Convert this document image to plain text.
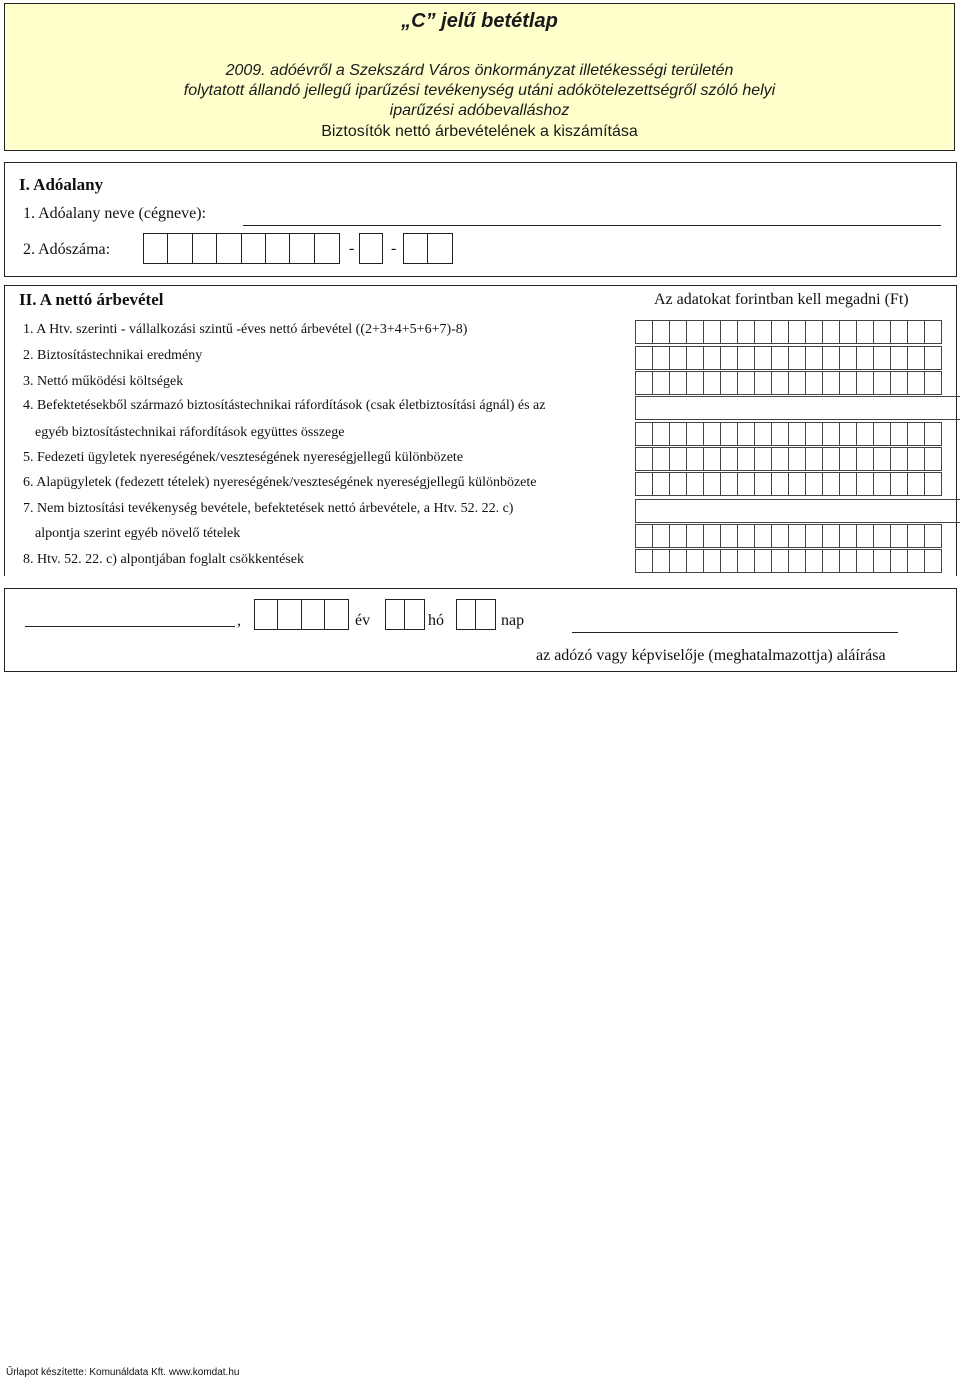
„C” jelű betétlap
2009. adóévről a Szekszárd Város önkormányzat illetékességi területén
folytatott állandó jellegű iparűzési tevékenység utáni adókötelezettségről szóló helyi
iparűzési adóbevalláshoz
Biztosítók nettó árbevételének a kiszámítása
I. Adóalany
1. Adóalany neve (cégneve):
2. Adószáma:	- -
II. A nettó árbevétel	Az adatokat forintban kell megadni (Ft)
1. A Htv. szerinti - vállalkozási szintű -éves nettó árbevétel ((2+3+4+5+6+7)-8)
2. Biztosítástechnikai eredmény
3. Nettó működési költségek
4. Befektetésekből származó biztosítástechnikai ráfordítások (csak életbiztosítási ágnál) és az
egyéb biztosítástechnikai ráfordítások együttes összege
5. Fedezeti ügyletek nyereségének/veszteségének nyereségjellegű különbözete
6. Alapügyletek (fedezett tételek) nyereségének/veszteségének nyereségjellegű különbözete
7. Nem biztosítási tevékenység bevétele, befektetések nettó árbevétele, a Htv. 52. 22. c)
alpontja szerint egyéb növelő tételek
8. Htv. 52. 22. c) alpontjában foglalt csökkentések
,	év	hó	nap
az adózó vagy képviselője (meghatalmazottja) aláírása
Űrlapot készítette: Komunáldata Kft. www.komdat.hu
